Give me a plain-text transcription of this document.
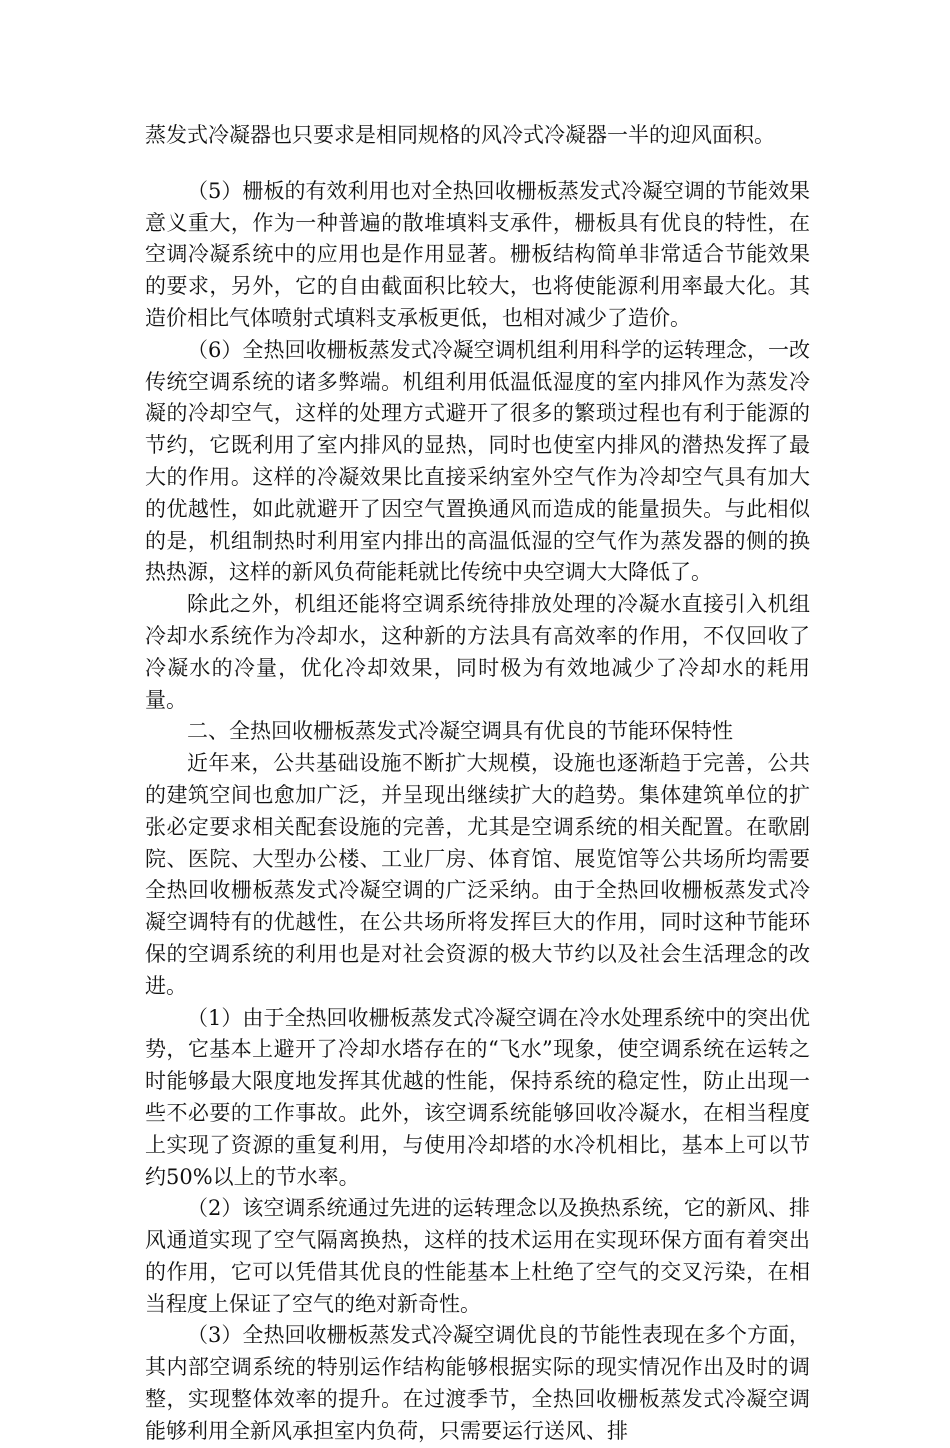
蒸发式冷凝器也只要求是相同规格的风冷式冷凝器一半的迎风面积。

（5）栅板的有效利用也对全热回收栅板蒸发式冷凝空调的节能效果意义重大，作为一种普遍的散堆填料支承件，栅板具有优良的特性，在空调冷凝系统中的应用也是作用显著。栅板结构简单非常适合节能效果的要求，另外，它的自由截面积比较大，也将使能源利用率最大化。其造价相比气体喷射式填料支承板更低，也相对减少了造价。

（6）全热回收栅板蒸发式冷凝空调机组利用科学的运转理念，一改传统空调系统的诸多弊端。机组利用低温低湿度的室内排风作为蒸发冷凝的冷却空气，这样的处理方式避开了很多的繁琐过程也有利于能源的节约，它既利用了室内排风的显热，同时也使室内排风的潜热发挥了最大的作用。这样的冷凝效果比直接采纳室外空气作为冷却空气具有加大的优越性，如此就避开了因空气置换通风而造成的能量损失。与此相似的是，机组制热时利用室内排出的高温低湿的空气作为蒸发器的侧的换热热源，这样的新风负荷能耗就比传统中央空调大大降低了。

除此之外，机组还能将空调系统待排放处理的冷凝水直接引入机组冷却水系统作为冷却水，这种新的方法具有高效率的作用，不仅回收了冷凝水的冷量，优化冷却效果，同时极为有效地减少了冷却水的耗用量。

二、全热回收栅板蒸发式冷凝空调具有优良的节能环保特性

近年来，公共基础设施不断扩大规模，设施也逐渐趋于完善，公共的建筑空间也愈加广泛，并呈现出继续扩大的趋势。集体建筑单位的扩张必定要求相关配套设施的完善，尤其是空调系统的相关配置。在歌剧院、医院、大型办公楼、工业厂房、体育馆、展览馆等公共场所均需要全热回收栅板蒸发式冷凝空调的广泛采纳。由于全热回收栅板蒸发式冷凝空调特有的优越性，在公共场所将发挥巨大的作用，同时这种节能环保的空调系统的利用也是对社会资源的极大节约以及社会生活理念的改进。

（1）由于全热回收栅板蒸发式冷凝空调在冷水处理系统中的突出优势，它基本上避开了冷却水塔存在的“飞水”现象，使空调系统在运转之时能够最大限度地发挥其优越的性能，保持系统的稳定性，防止出现一些不必要的工作事故。此外，该空调系统能够回收冷凝水，在相当程度上实现了资源的重复利用，与使用冷却塔的水冷机相比，基本上可以节约50%以上的节水率。

（2）该空调系统通过先进的运转理念以及换热系统，它的新风、排风通道实现了空气隔离换热，这样的技术运用在实现环保方面有着突出的作用，它可以凭借其优良的性能基本上杜绝了空气的交叉污染，在相当程度上保证了空气的绝对新奇性。

（3）全热回收栅板蒸发式冷凝空调优良的节能性表现在多个方面，其内部空调系统的特别运作结构能够根据实际的现实情况作出及时的调整，实现整体效率的提升。在过渡季节，全热回收栅板蒸发式冷凝空调能够利用全新风承担室内负荷，只需要运行送风、排
